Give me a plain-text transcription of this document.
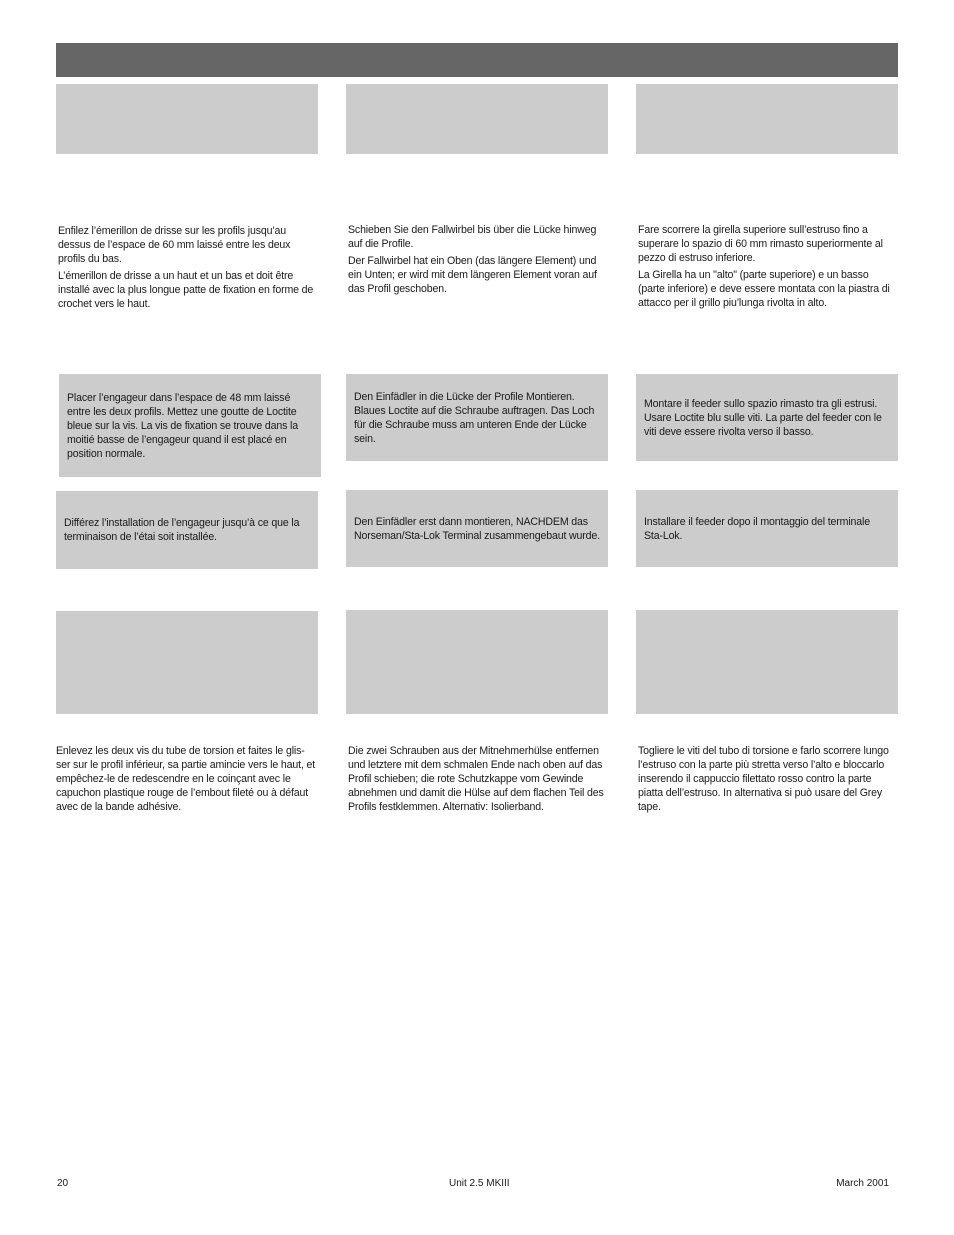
Enfilez l’émerillon de drisse sur les profils jusqu’au dessus de l’espace de 60 mm laissé entre les deux profils du bas.

L’émerillon de drisse a un haut et un bas et doit être installé avec la plus longue patte de fixation en forme de crochet vers le haut.

Schieben Sie den Fallwirbel bis über die Lücke hinweg auf die Profile.

Der Fallwirbel hat ein Oben (das längere Element) und ein Unten; er wird mit dem längeren Element voran auf das Profil geschoben.

Fare scorrere la girella superiore sull’estruso fino a superare lo spazio di 60 mm rimasto superiormente al pezzo di estruso inferiore.

La Girella ha un "alto" (parte superiore) e un basso (parte inferiore) e deve essere montata con la piastra di attacco per il grillo piu’lunga rivolta in alto.

Placer l’engageur dans l’espace de 48 mm laissé entre les deux profils. Mettez une goutte de Loctite bleue sur la vis. La vis de fixation se trouve dans la moitié basse de l’engageur quand il est placé en position normale.
Den Einfädler in die Lücke der Profile Montieren. Blaues Loctite auf die Schraube auftragen. Das Loch für die Schraube muss am unteren Ende der Lücke sein.
Montare il feeder sullo spazio rimasto tra gli estrusi. Usare Loctite blu sulle viti. La parte del feeder con le viti deve essere rivolta verso il basso.
Différez l’installation de l’engageur jusqu’à ce que la terminaison de l’étai soit installée.
Den Einfädler erst dann montieren, NACHDEM das Norseman/Sta-Lok Terminal zusammengebaut wurde.
Installare il feeder dopo il montaggio del terminale Sta-Lok.

Enlevez les deux vis du tube de torsion et faites le glis-ser sur le profil inférieur, sa partie amincie vers le haut, et empêchez-le de redescendre en le coinçant avec le capuchon plastique rouge de l’embout fileté ou à défaut avec de la bande adhésive.

Die zwei Schrauben aus der Mitnehmerhülse entfernen und letztere mit dem schmalen Ende nach oben auf das Profil schieben; die rote Schutzkappe vom Gewinde abnehmen und damit die Hülse auf dem flachen Teil des Profils festklemmen. Alternativ: Isolierband.

Togliere le viti del tubo di torsione e farlo scorrere lungo l’estruso con la parte più stretta verso l’alto e bloccarlo inserendo il cappuccio filettato rosso contro la parte piatta dell’estruso. In alternativa si può usare del Grey tape.

20	Unit 2.5 MKIII	March 2001
